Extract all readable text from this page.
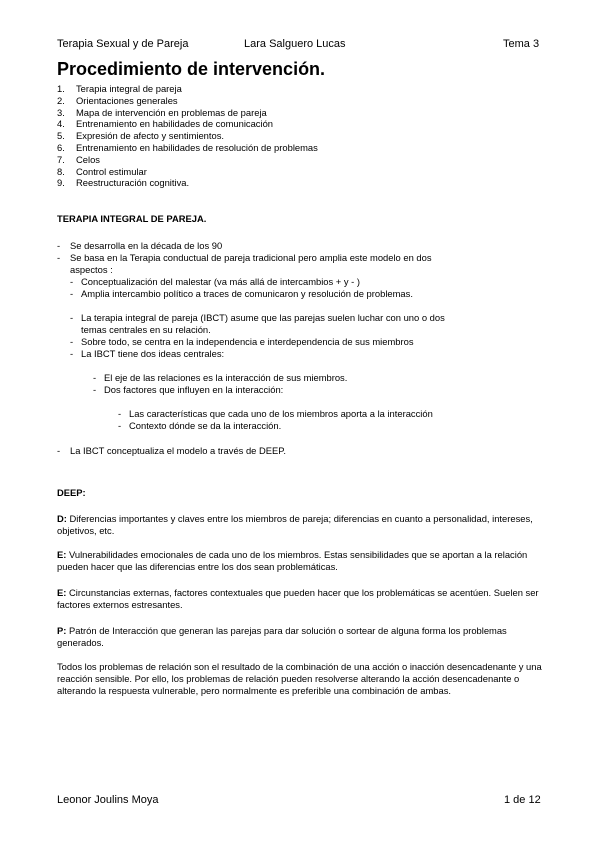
Terapia Sexual y de Pareja	Lara Salguero Lucas	Tema 3
Procedimiento de intervención.
1. Terapia integral de pareja
2. Orientaciones generales
3. Mapa de intervención en problemas de pareja
4. Entrenamiento en habilidades de comunicación
5. Expresión de afecto y sentimientos.
6. Entrenamiento en habilidades de resolución de problemas
7. Celos
8. Control estimular
9. Reestructuración cognitiva.
TERAPIA INTEGRAL DE PAREJA.
- Se desarrolla en la década de los 90
- Se basa en la Terapia conductual de pareja tradicional pero amplia este modelo en dos
aspectos :
- Conceptualización del malestar (va más allá de intercambios + y - )
- Amplia intercambio político a traces de comunicaron y resolución de problemas.
- La terapia integral de pareja (IBCT) asume que las parejas suelen luchar con uno o dos
temas centrales en su relación.
- Sobre todo, se centra en la independencia e interdependencia de sus miembros
- La IBCT tiene dos ideas centrales:
- El eje de las relaciones es la interacción de sus miembros.
- Dos factores que influyen en la interacción:
- Las características que cada uno de los miembros aporta a la interacción
- Contexto dónde se da la interacción.
- La IBCT conceptualiza el modelo a través de DEEP.
DEEP:
D: Diferencias importantes y claves entre los miembros de pareja; diferencias en cuanto a personalidad, intereses, objetivos, etc.
E: Vulnerabilidades emocionales de cada uno de los miembros. Estas sensibilidades que se aportan a la relación pueden hacer que las diferencias entre los dos sean problemáticas.
E: Circunstancias externas, factores contextuales que pueden hacer que los problemáticas se acentúen. Suelen ser factores externos estresantes.
P: Patrón de Interacción que generan las parejas para dar solución o sortear de alguna forma los problemas generados.
Todos los problemas de relación son el resultado de la combinación de una acción o inacción desencadenante y una reacción sensible. Por ello, los problemas de relación pueden resolverse alterando la acción desencadenante o alterando la respuesta vulnerable, pero normalmente es preferible una combinación de ambas.
Leonor Joulins Moya	1 de 12
